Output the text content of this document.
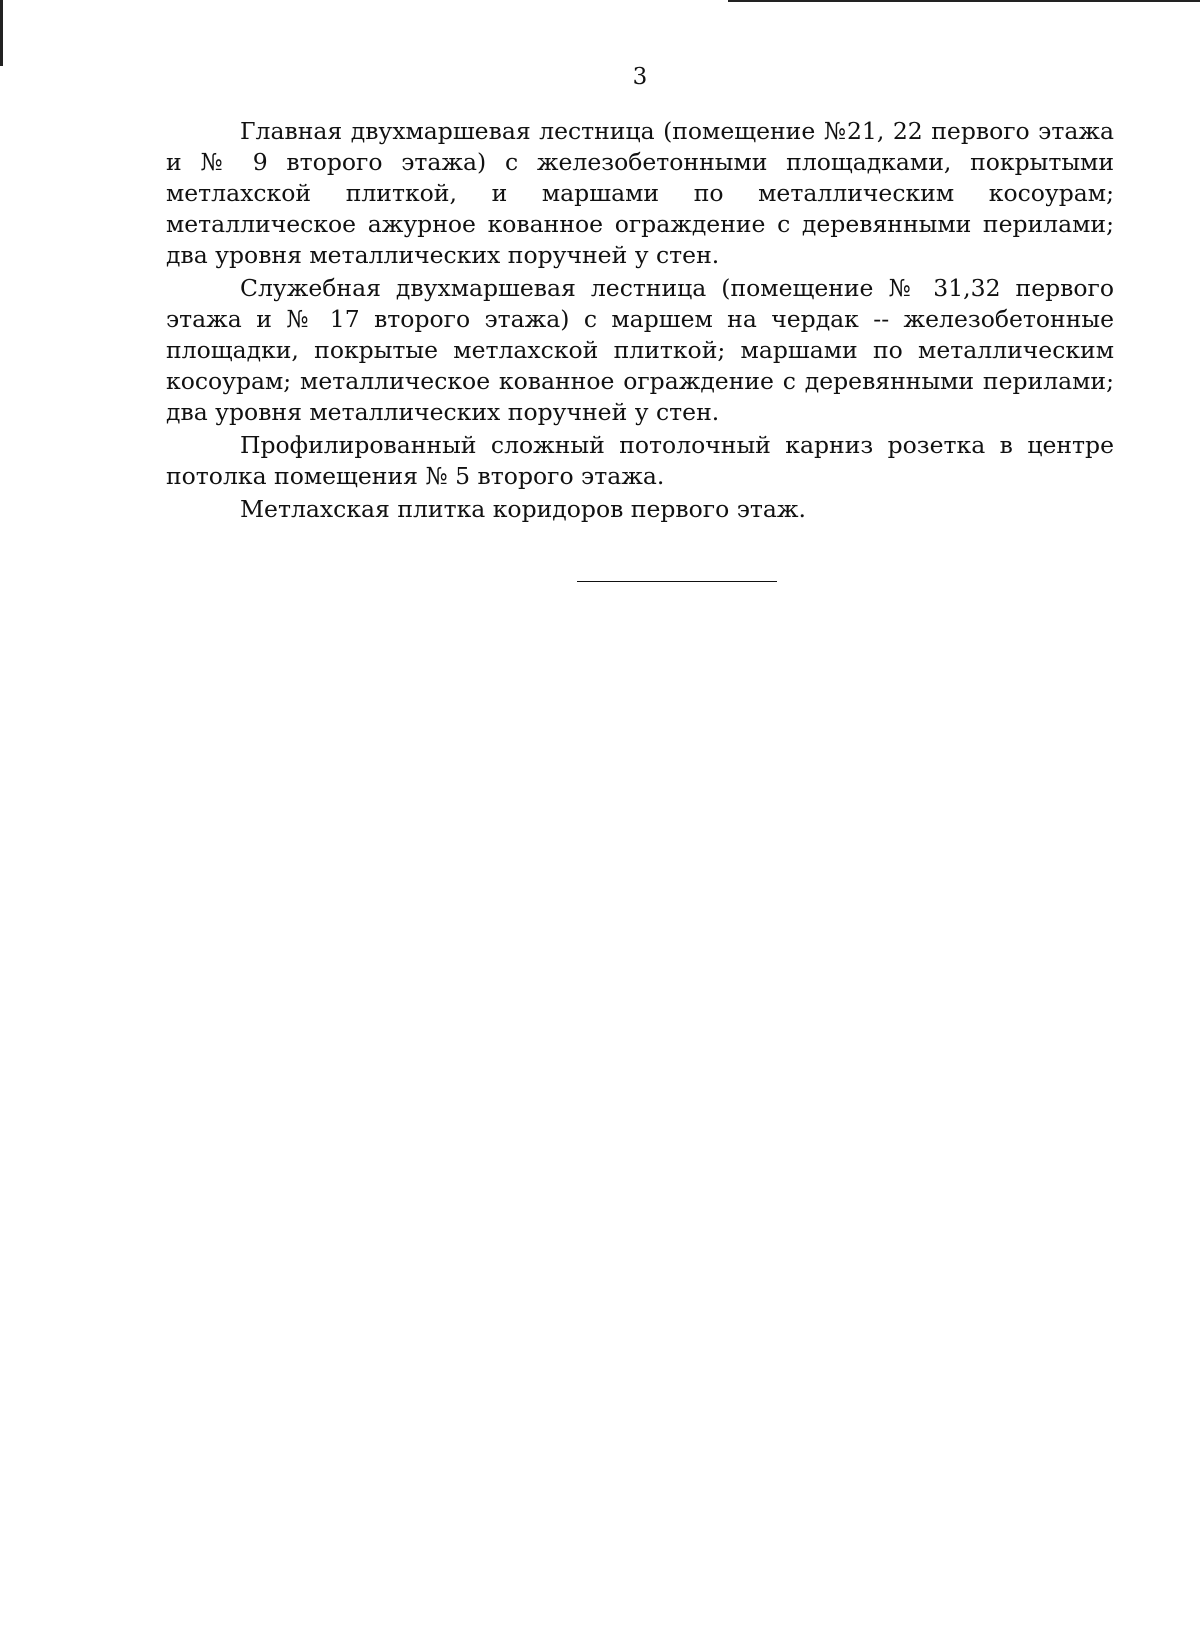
3

Главная двухмаршевая лестница (помещение №21, 22 первого этажа и № 9 второго этажа) с железобетонными площадками, покрытыми метлахской плиткой, и маршами по металлическим косоурам; металлическое ажурное кованное ограждение с деревянными перилами; два уровня металлических поручней у стен.

Служебная двухмаршевая лестница (помещение № 31,32 первого этажа и № 17 второго этажа) с маршем на чердак -- железобетонные площадки, покрытые метлахской плиткой; маршами по металлическим косоурам; металлическое кованное ограждение с деревянными перилами; два уровня металлических поручней у стен.

Профилированный сложный потолочный карниз розетка в центре потолка помещения № 5 второго этажа.

Метлахская плитка коридоров первого этаж.
